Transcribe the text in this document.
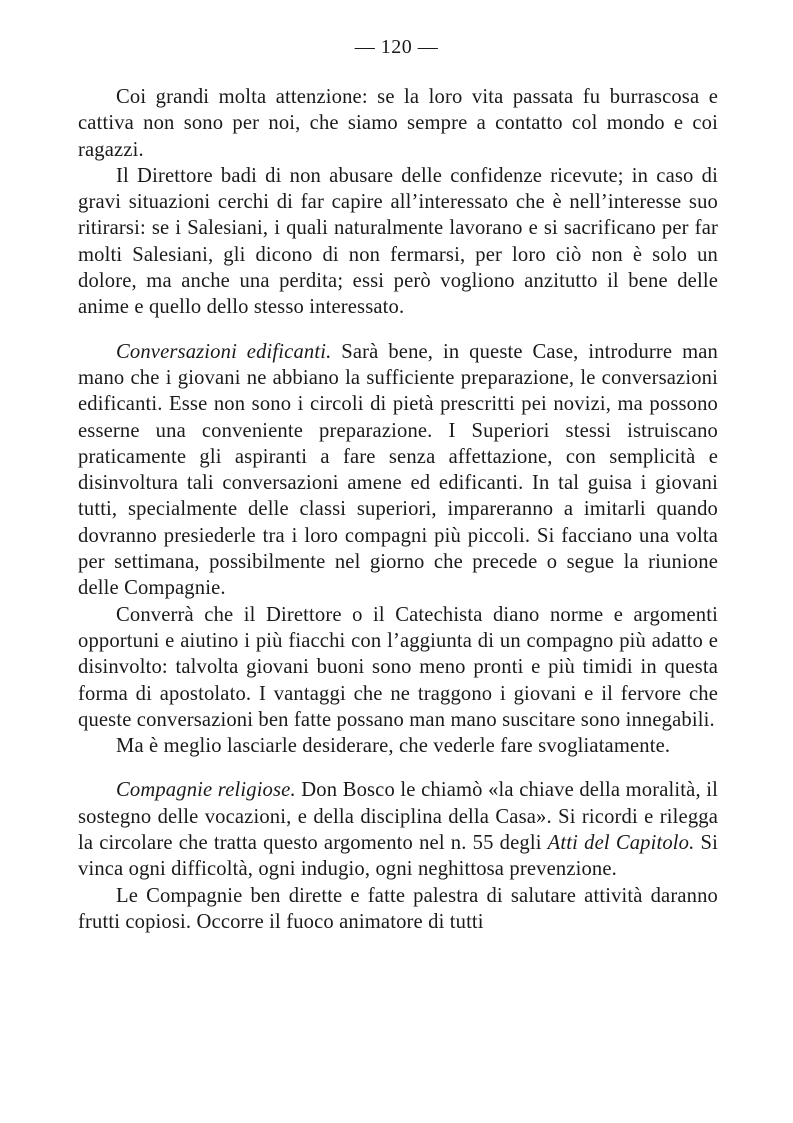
— 120 —

Coi grandi molta attenzione: se la loro vita passata fu burrascosa e cattiva non sono per noi, che siamo sempre a contatto col mondo e coi ragazzi.

Il Direttore badi di non abusare delle confidenze ricevute; in caso di gravi situazioni cerchi di far capire all’interessato che è nell’interesse suo ritirarsi: se i Salesiani, i quali naturalmente lavorano e si sacrificano per far molti Salesiani, gli dicono di non fermarsi, per loro ciò non è solo un dolore, ma anche una perdita; essi però vogliono anzitutto il bene delle anime e quello dello stesso interessato.

Conversazioni edificanti. Sarà bene, in queste Case, introdurre man mano che i giovani ne abbiano la sufficiente preparazione, le conversazioni edificanti. Esse non sono i circoli di pietà prescritti pei novizi, ma possono esserne una conveniente preparazione. I Superiori stessi istruiscano praticamente gli aspiranti a fare senza affettazione, con semplicità e disinvoltura tali conversazioni amene ed edificanti. In tal guisa i giovani tutti, specialmente delle classi superiori, impareranno a imitarli quando dovranno presiederle tra i loro compagni più piccoli. Si facciano una volta per settimana, possibilmente nel giorno che precede o segue la riunione delle Compagnie.

Converrà che il Direttore o il Catechista diano norme e argomenti opportuni e aiutino i più fiacchi con l’aggiunta di un compagno più adatto e disinvolto: talvolta giovani buoni sono meno pronti e più timidi in questa forma di apostolato. I vantaggi che ne traggono i giovani e il fervore che queste conversazioni ben fatte possano man mano suscitare sono innegabili.

Ma è meglio lasciarle desiderare, che vederle fare svogliatamente.

Compagnie religiose. Don Bosco le chiamò «la chiave della moralità, il sostegno delle vocazioni, e della disciplina della Casa». Si ricordi e rilegga la circolare che tratta questo argomento nel n. 55 degli Atti del Capitolo. Si vinca ogni difficoltà, ogni indugio, ogni neghittosa prevenzione.

Le Compagnie ben dirette e fatte palestra di salutare attività daranno frutti copiosi. Occorre il fuoco animatore di tutti
